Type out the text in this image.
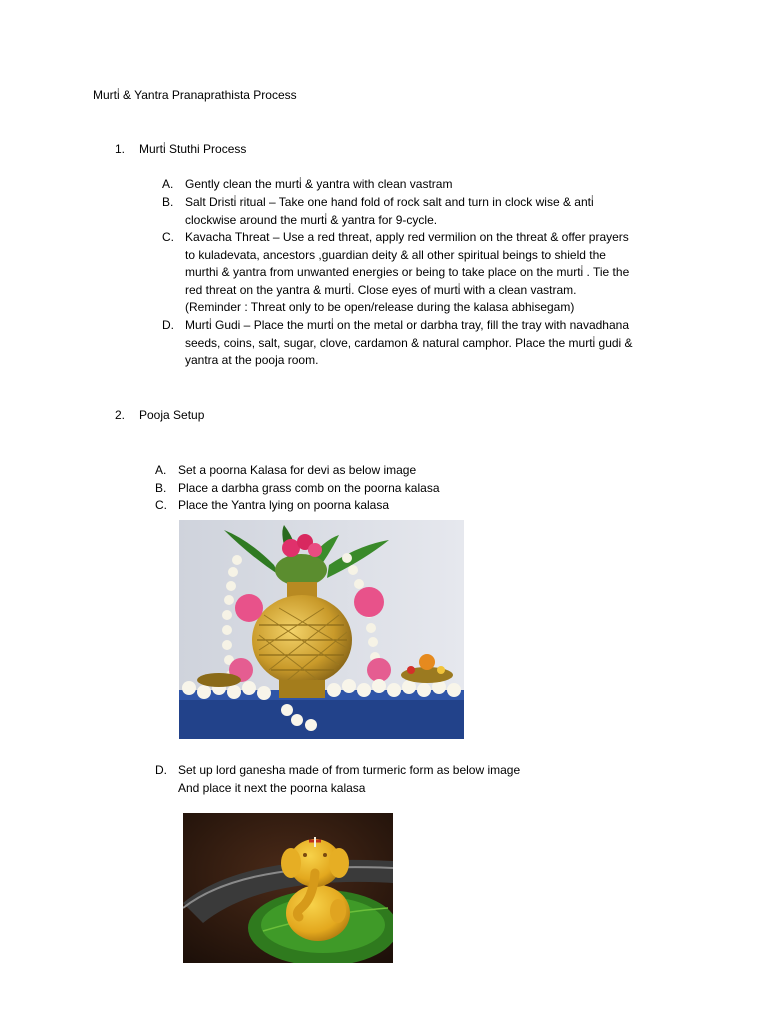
Murti̇ & Yantra Pranaprathista Process
1. Murti̇ Stuthi Process
A. Gently clean the murti̇ & yantra with clean vastram
B. Salt Dristi̇ ritual – Take one hand fold of rock salt and turn in clock wise & anti̇
clockwise around the murti̇ & yantra for 9-cycle.
C. Kavacha Threat – Use a red threat, apply red vermilion on the threat & offer prayers
to kuladevata, ancestors ,guardian deity & all other spiritual beings to shield the
murthi & yantra from unwanted energies or being to take place on the murti̇ . Tie the
red threat on the yantra & murti̇. Close eyes of murti̇ with a clean vastram.
(Reminder : Threat only to be open/release during the kalasa abhisegam)
D. Murti̇ Gudi – Place the murti̇ on the metal or darbha tray, fill the tray with navadhana
seeds, coins, salt, sugar, clove, cardamon & natural camphor. Place the murti̇ gudi &
yantra at the pooja room.
2. Pooja Setup
A. Set a poorna Kalasa for devi as below image
B. Place a darbha grass comb on the poorna kalasa
C. Place the Yantra lying on poorna kalasa
D. Set up lord ganesha made of from turmeric form as below image
And place it next the poorna kalasa
